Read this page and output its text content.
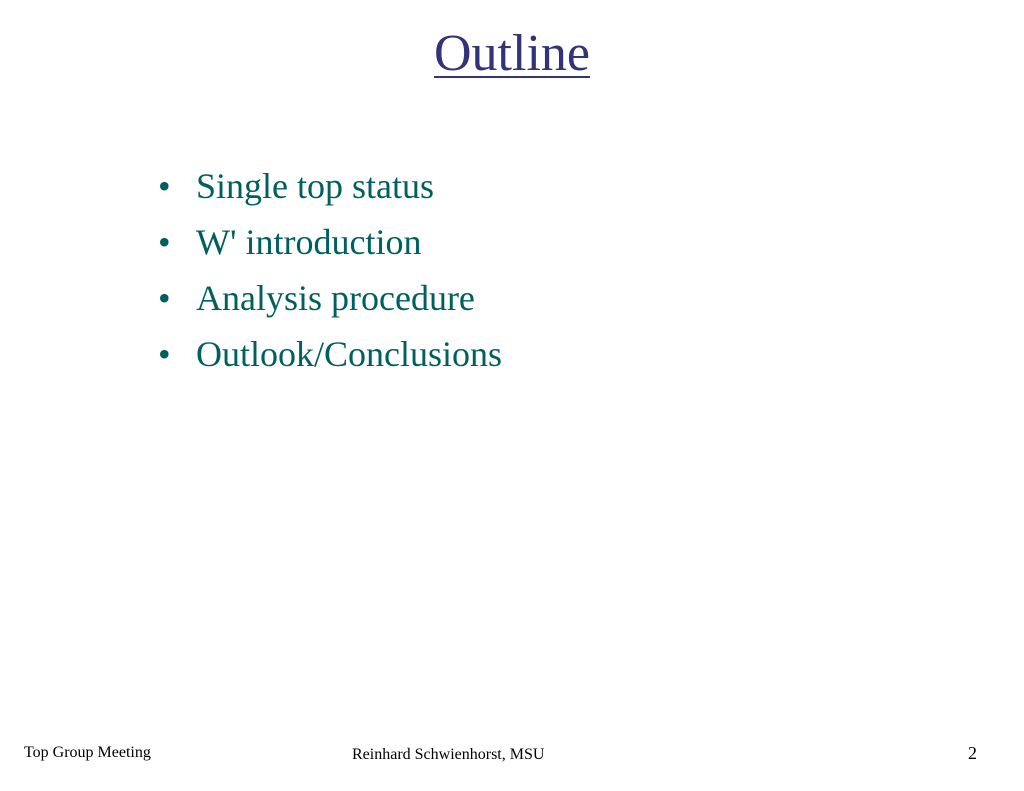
Outline
• Single top status
• W' introduction
• Analysis procedure
• Outlook/Conclusions
Top Group Meeting	Reinhard Schwienhorst, MSU	2
